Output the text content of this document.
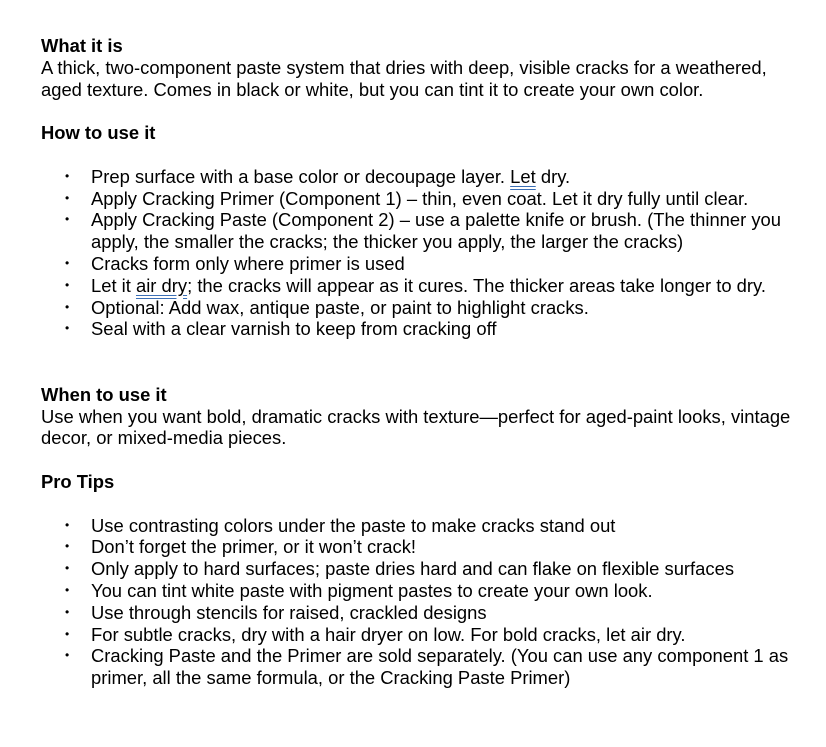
What it is
A thick, two-component paste system that dries with deep, visible cracks for a weathered, aged texture. Comes in black or white, but you can tint it to create your own color.
How to use it
• Prep surface with a base color or decoupage layer. Let dry.
• Apply Cracking Primer (Component 1) – thin, even coat. Let it dry fully until clear.
• Apply Cracking Paste (Component 2) – use a palette knife or brush. (The thinner you apply, the smaller the cracks; the thicker you apply, the larger the cracks)
• Cracks form only where primer is used
• Let it air dry; the cracks will appear as it cures. The thicker areas take longer to dry.
• Optional: Add wax, antique paste, or paint to highlight cracks.
• Seal with a clear varnish to keep from cracking off
When to use it
Use when you want bold, dramatic cracks with texture—perfect for aged-paint looks, vintage decor, or mixed-media pieces.
Pro Tips
• Use contrasting colors under the paste to make cracks stand out
• Don’t forget the primer, or it won’t crack!
• Only apply to hard surfaces; paste dries hard and can flake on flexible surfaces
• You can tint white paste with pigment pastes to create your own look.
• Use through stencils for raised, crackled designs
• For subtle cracks, dry with a hair dryer on low. For bold cracks, let air dry.
• Cracking Paste and the Primer are sold separately. (You can use any component 1 as primer, all the same formula, or the Cracking Paste Primer)
